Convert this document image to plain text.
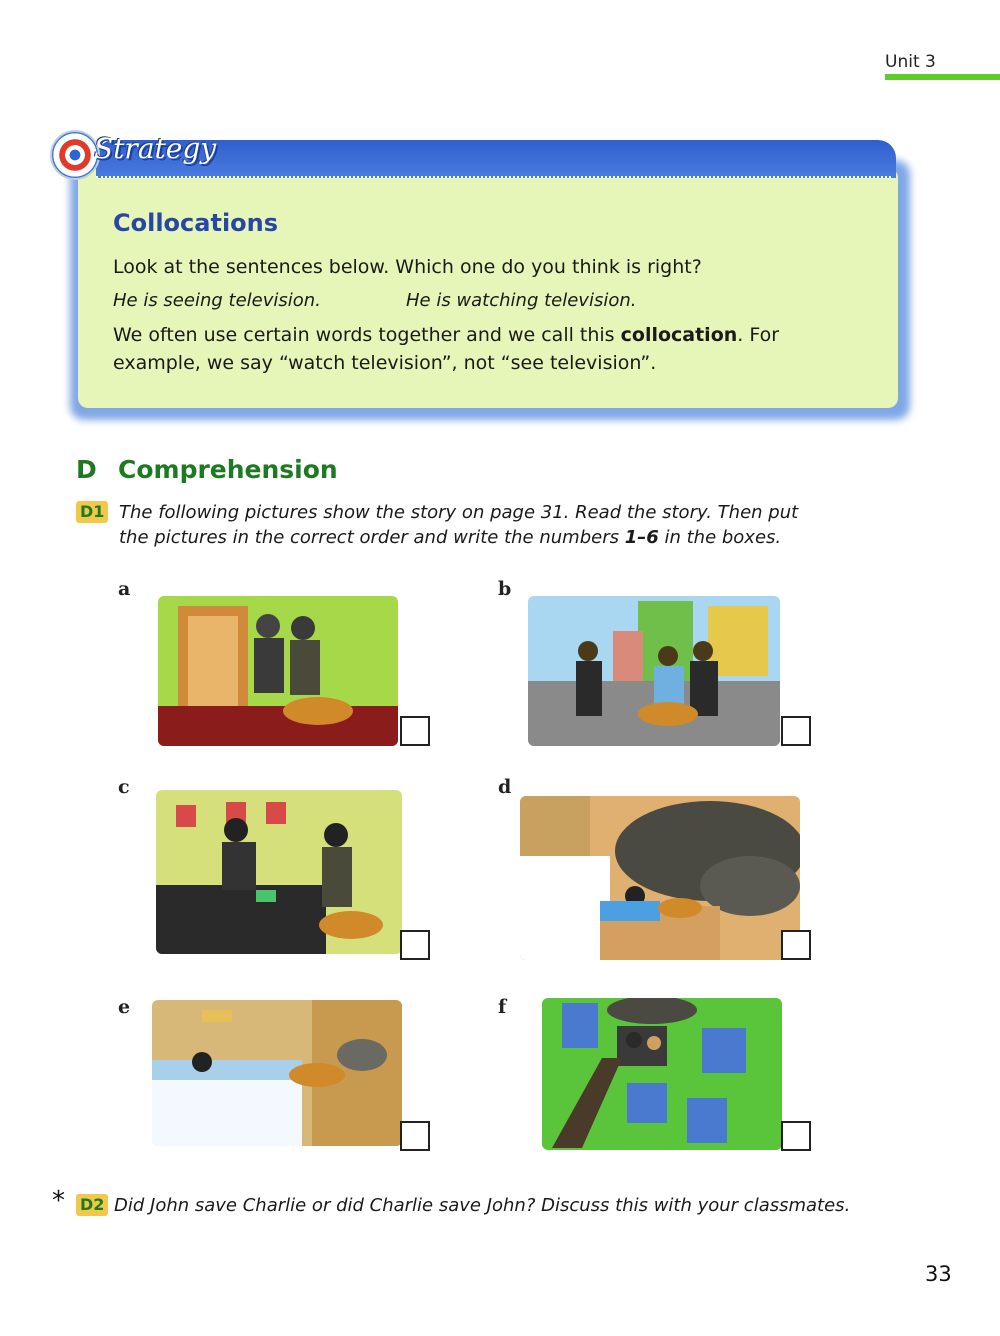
Unit 3
Strategy
Collocations
Look at the sentences below. Which one do you think is right?
He is seeing television.	He is watching television.
We often use certain words together and we call this collocation. For
example, we say “watch television”, not “see television”.
D Comprehension
D1 The following pictures show the story on page 31. Read the story. Then put
the pictures in the correct order and write the numbers 1–6 in the boxes.
a	b
c	d
e	f
* D2 Did John save Charlie or did Charlie save John? Discuss this with your classmates.
33
